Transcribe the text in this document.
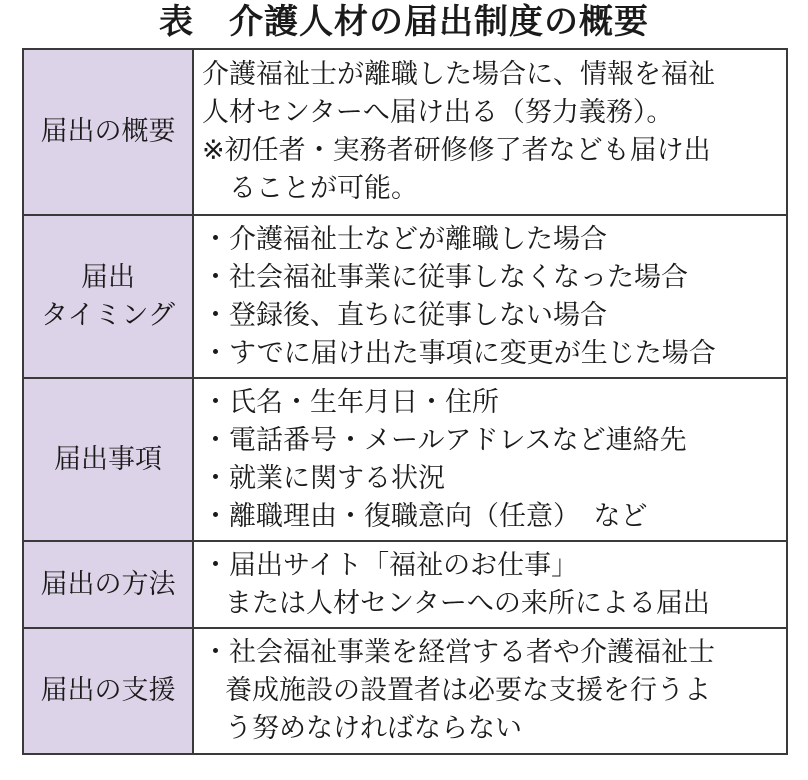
表　介護人材の届出制度の概要
届出の概要	介護福祉士が離職した場合に、情報を福祉
人材センターへ届け出る（努力義務）。
※初任者・実務者研修修了者なども届け出
ることが可能。

届出
タイミング	・介護福祉士などが離職した場合
・社会福祉事業に従事しなくなった場合
・登録後、直ちに従事しない場合
・すでに届け出た事項に変更が生じた場合

届出事項	・氏名・生年月日・住所
・電話番号・メールアドレスなど連絡先
・就業に関する状況
・離職理由・復職意向（任意）　など

届出の方法	・届出サイト「福祉のお仕事」
または人材センターへの来所による届出

届出の支援	・社会福祉事業を経営する者や介護福祉士
養成施設の設置者は必要な支援を行うよ
う努めなければならない
